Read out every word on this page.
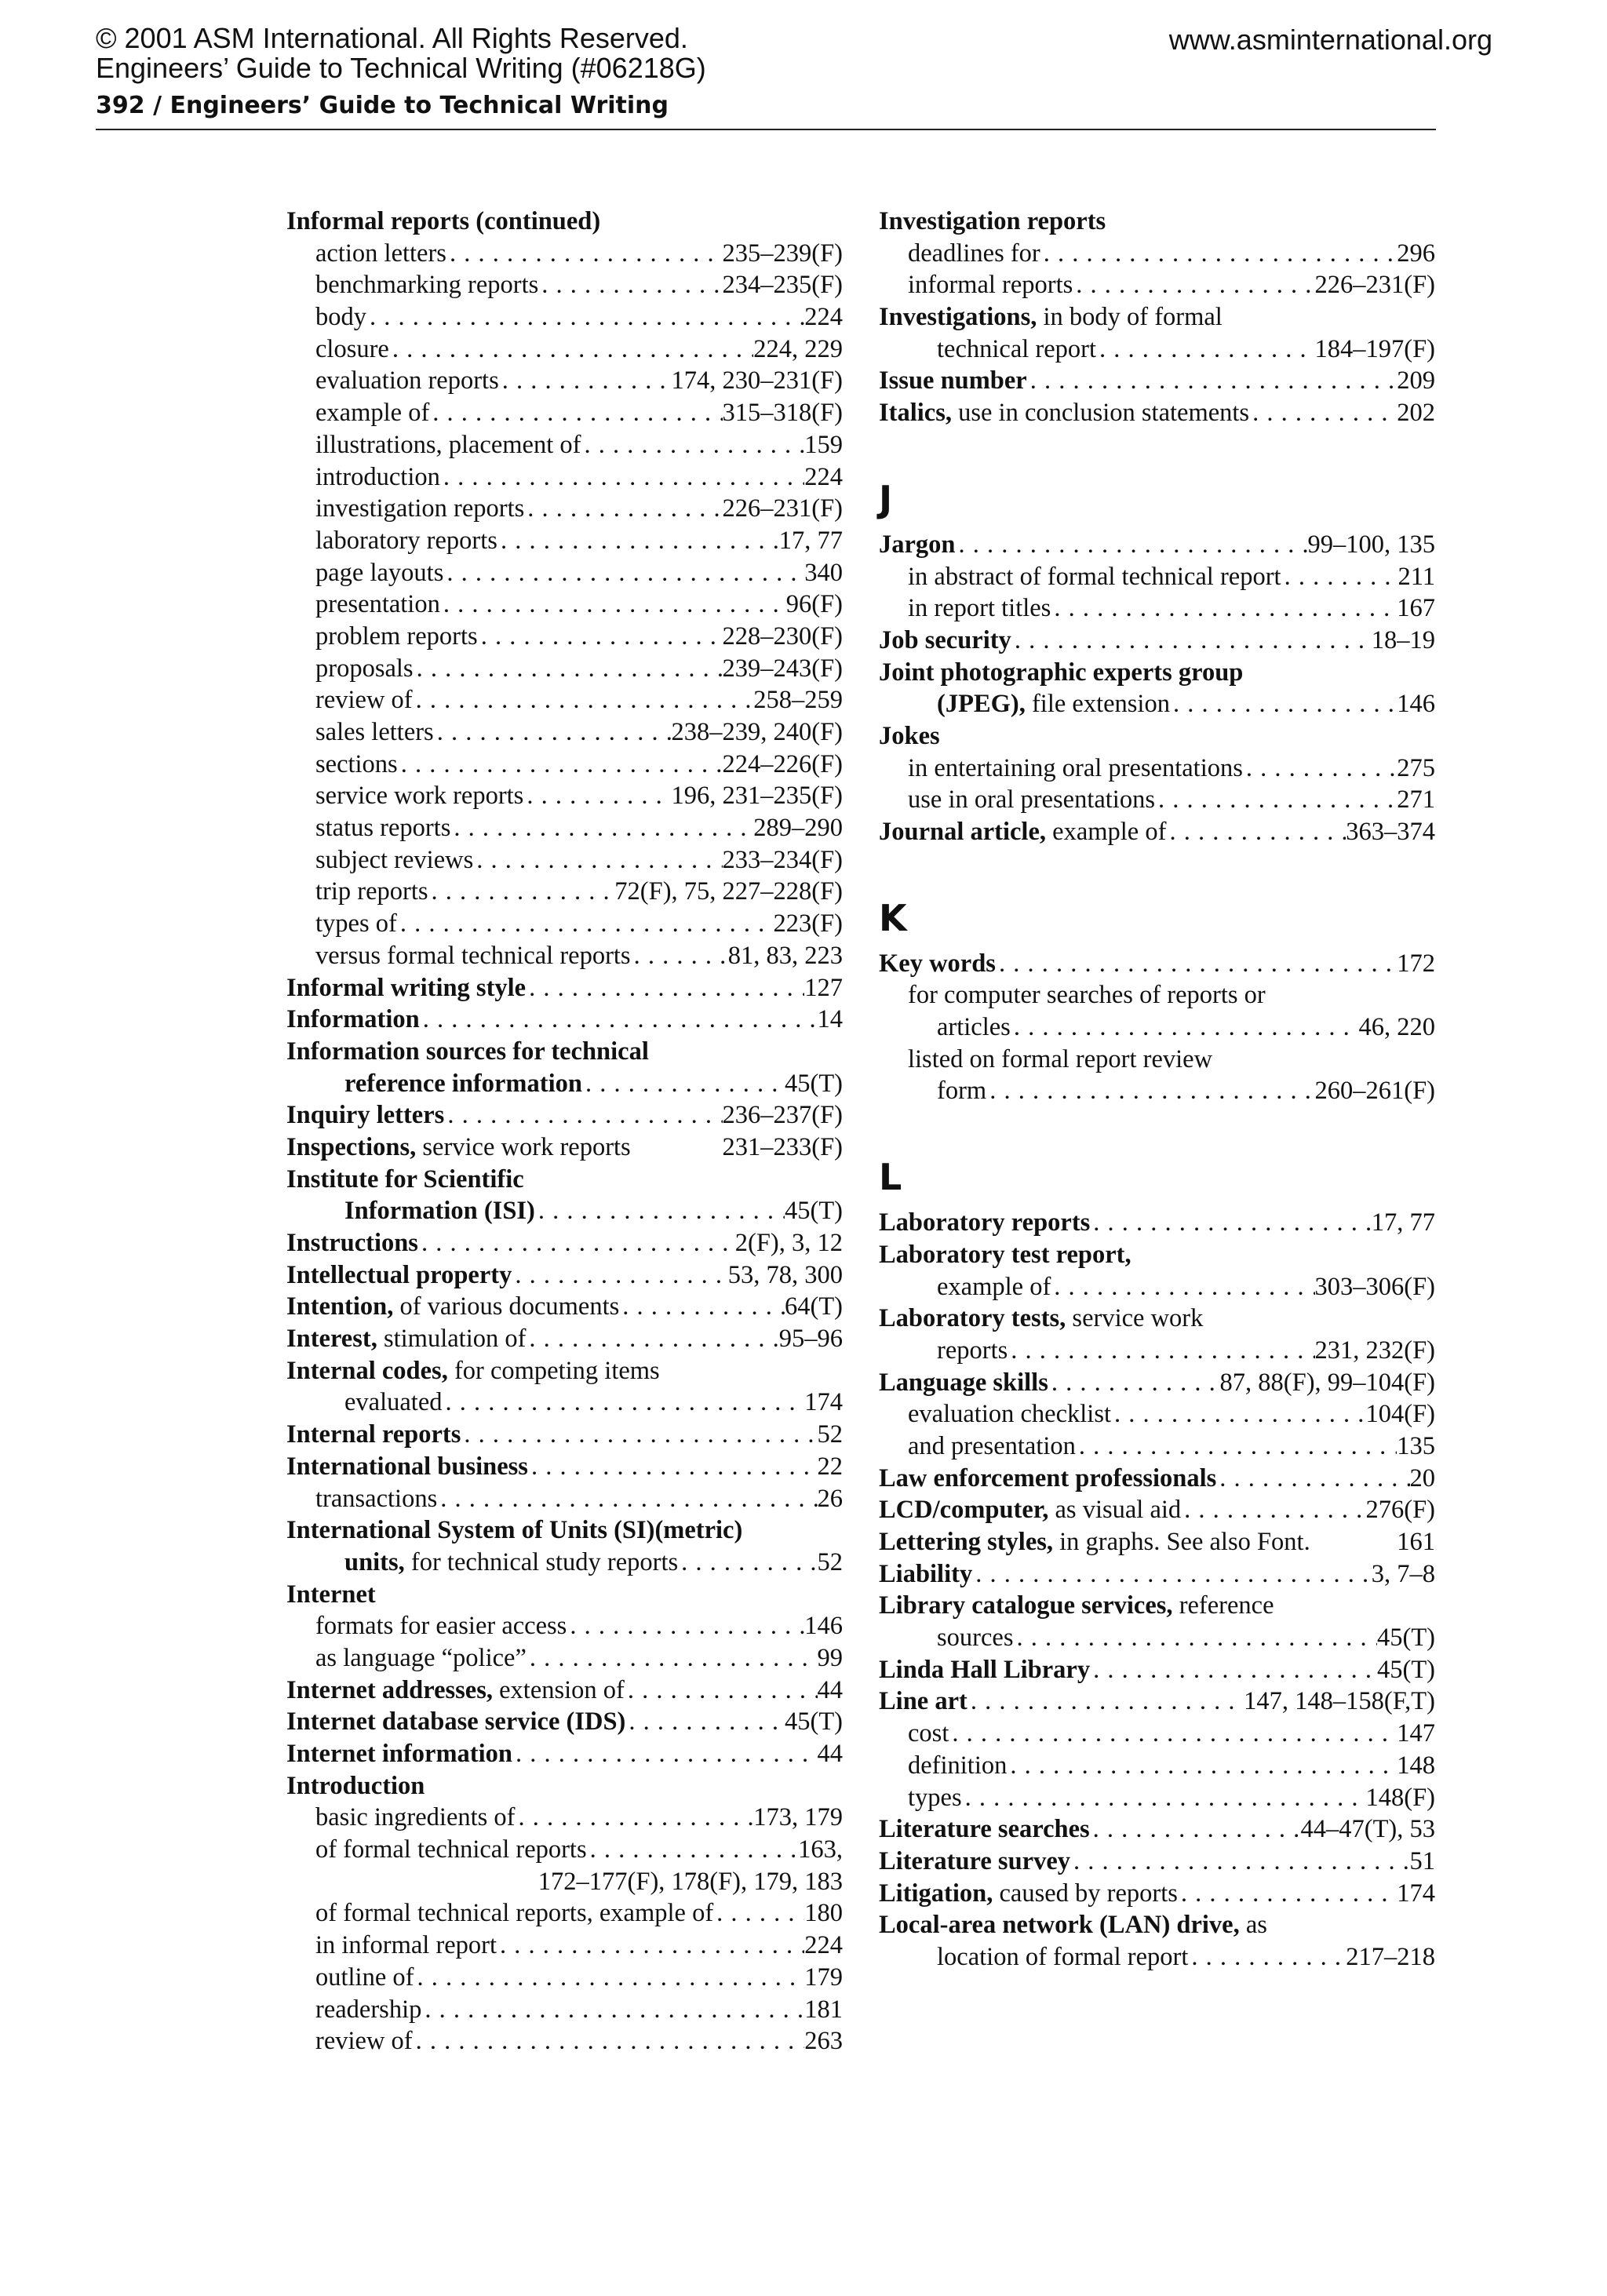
© 2001 ASM International. All Rights Reserved.
Engineers’ Guide to Technical Writing (#06218G)
www.asminternational.org
392 / Engineers’ Guide to Technical Writing
Informal reports (continued)
action letters . . .	235–239(F)
benchmarking reports . . .	234–235(F)
body . . .	224
closure . . .	224, 229
evaluation reports . . .	174, 230–231(F)
example of . . .	315–318(F)
illustrations, placement of . . .	159
introduction . . .	224
investigation reports . . .	226–231(F)
laboratory reports . . .	17, 77
page layouts . . .	340
presentation . . .	96(F)
problem reports . . .	228–230(F)
proposals . . .	239–243(F)
review of . . .	258–259
sales letters . . .	238–239, 240(F)
sections . . .	224–226(F)
service work reports . . .	196, 231–235(F)
status reports . . .	289–290
subject reviews . . .	233–234(F)
trip reports . . .	72(F), 75, 227–228(F)
types of . . .	223(F)
versus formal technical reports . . .	81, 83, 223
Informal writing style . . .	127
Information . . .	14
Information sources for technical
reference information . . .	45(T)
Inquiry letters . . .	236–237(F)
Inspections, service work reports	231–233(F)
Institute for Scientific
Information (ISI) . . .	45(T)
Instructions . . .	2(F), 3, 12
Intellectual property . . .	53, 78, 300
Intention, of various documents . . .	64(T)
Interest, stimulation of . . .	95–96
Internal codes, for competing items
evaluated . . .	174
Internal reports . . .	52
International business . . .	22
transactions . . .	26
International System of Units (SI)(metric)
units, for technical study reports . . .	52
Internet
formats for easier access . . .	146
as language “police” . . .	99
Internet addresses, extension of . . .	44
Internet database service (IDS) . . .	45(T)
Internet information . . .	44
Introduction
basic ingredients of . . .	173, 179
of formal technical reports . . .	163,
172–177(F), 178(F), 179, 183
of formal technical reports, example of . . .	180
in informal report . . .	224
outline of . . .	179
readership . . .	181
review of . . .	263
Investigation reports
deadlines for . . .	296
informal reports . . .	226–231(F)
Investigations, in body of formal
technical report . . .	184–197(F)
Issue number . . .	209
Italics, use in conclusion statements . . .	202
J
Jargon . . .	99–100, 135
in abstract of formal technical report . . .	211
in report titles . . .	167
Job security . . .	18–19
Joint photographic experts group
(JPEG), file extension . . .	146
Jokes
in entertaining oral presentations . . .	275
use in oral presentations . . .	271
Journal article, example of . . .	363–374
K
Key words . . .	172
for computer searches of reports or
articles . . .	46, 220
listed on formal report review
form . . .	260–261(F)
L
Laboratory reports . . .	17, 77
Laboratory test report,
example of . . .	303–306(F)
Laboratory tests, service work
reports . . .	231, 232(F)
Language skills . . .	87, 88(F), 99–104(F)
evaluation checklist . . .	104(F)
and presentation . . .	135
Law enforcement professionals . . .	20
LCD/computer, as visual aid . . .	276(F)
Lettering styles, in graphs. See also Font.	161
Liability . . .	3, 7–8
Library catalogue services, reference
sources . . .	45(T)
Linda Hall Library . . .	45(T)
Line art . . .	147, 148–158(F,T)
cost . . .	147
definition . . .	148
types . . .	148(F)
Literature searches . . .	44–47(T), 53
Literature survey . . .	51
Litigation, caused by reports . . .	174
Local-area network (LAN) drive, as
location of formal report . . .	217–218
